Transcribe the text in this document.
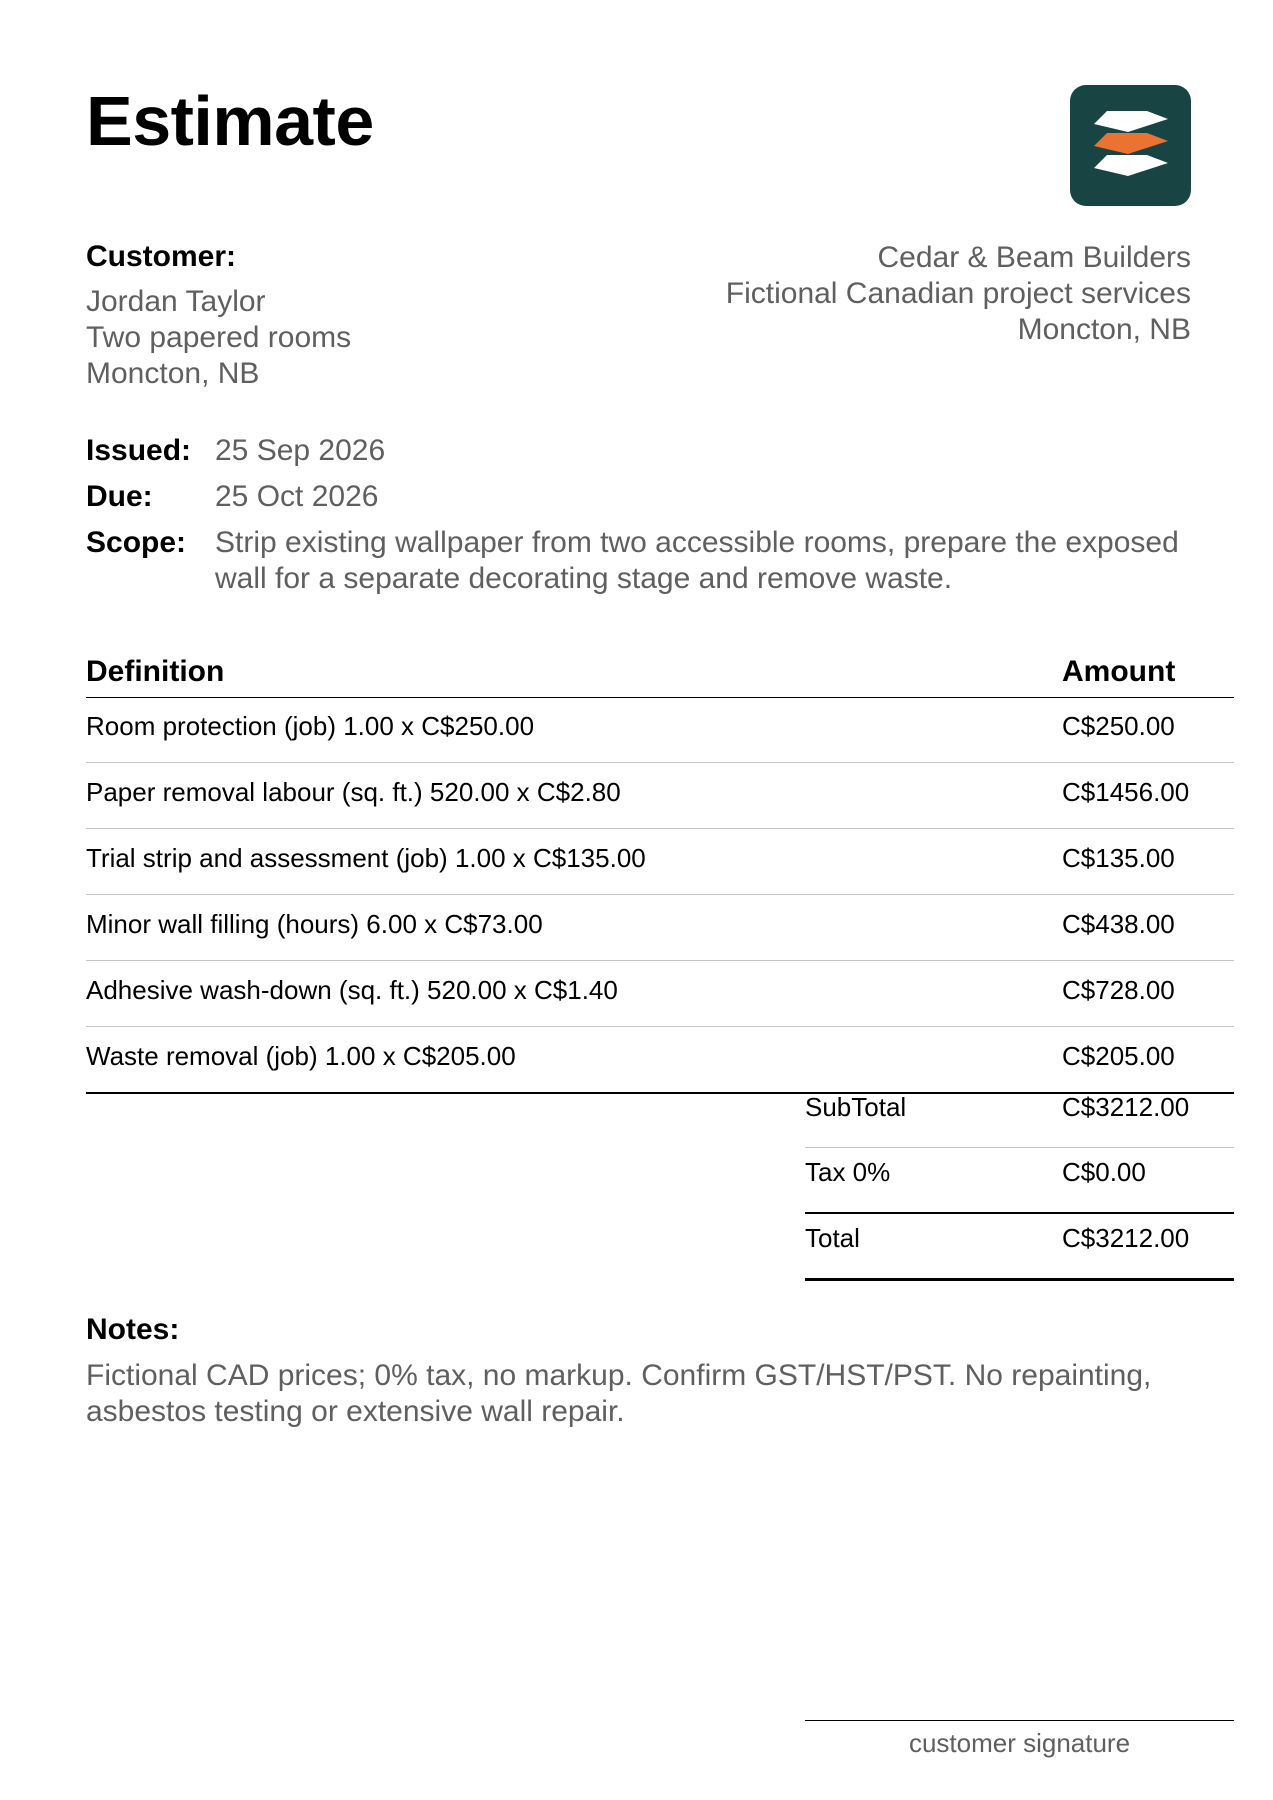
Estimate
Customer:
Jordan Taylor
Two papered rooms
Moncton, NB
Cedar & Beam Builders
Fictional Canadian project services
Moncton, NB
Issued: 25 Sep 2026
Due:	25 Oct 2026
Scope: Strip existing wallpaper from two accessible rooms, prepare the exposed wall for a separate decorating stage and remove waste.
Definition	Amount
Room protection (job) 1.00 x C$250.00	C$250.00
Paper removal labour (sq. ft.) 520.00 x C$2.80	C$1456.00
Trial strip and assessment (job) 1.00 x C$135.00	C$135.00
Minor wall filling (hours) 6.00 x C$73.00	C$438.00
Adhesive wash-down (sq. ft.) 520.00 x C$1.40	C$728.00
Waste removal (job) 1.00 x C$205.00	C$205.00
SubTotal	C$3212.00
Tax 0%	C$0.00
Total	C$3212.00
Notes:
Fictional CAD prices; 0% tax, no markup. Confirm GST/HST/PST. No repainting, asbestos testing or extensive wall repair.
customer signature
